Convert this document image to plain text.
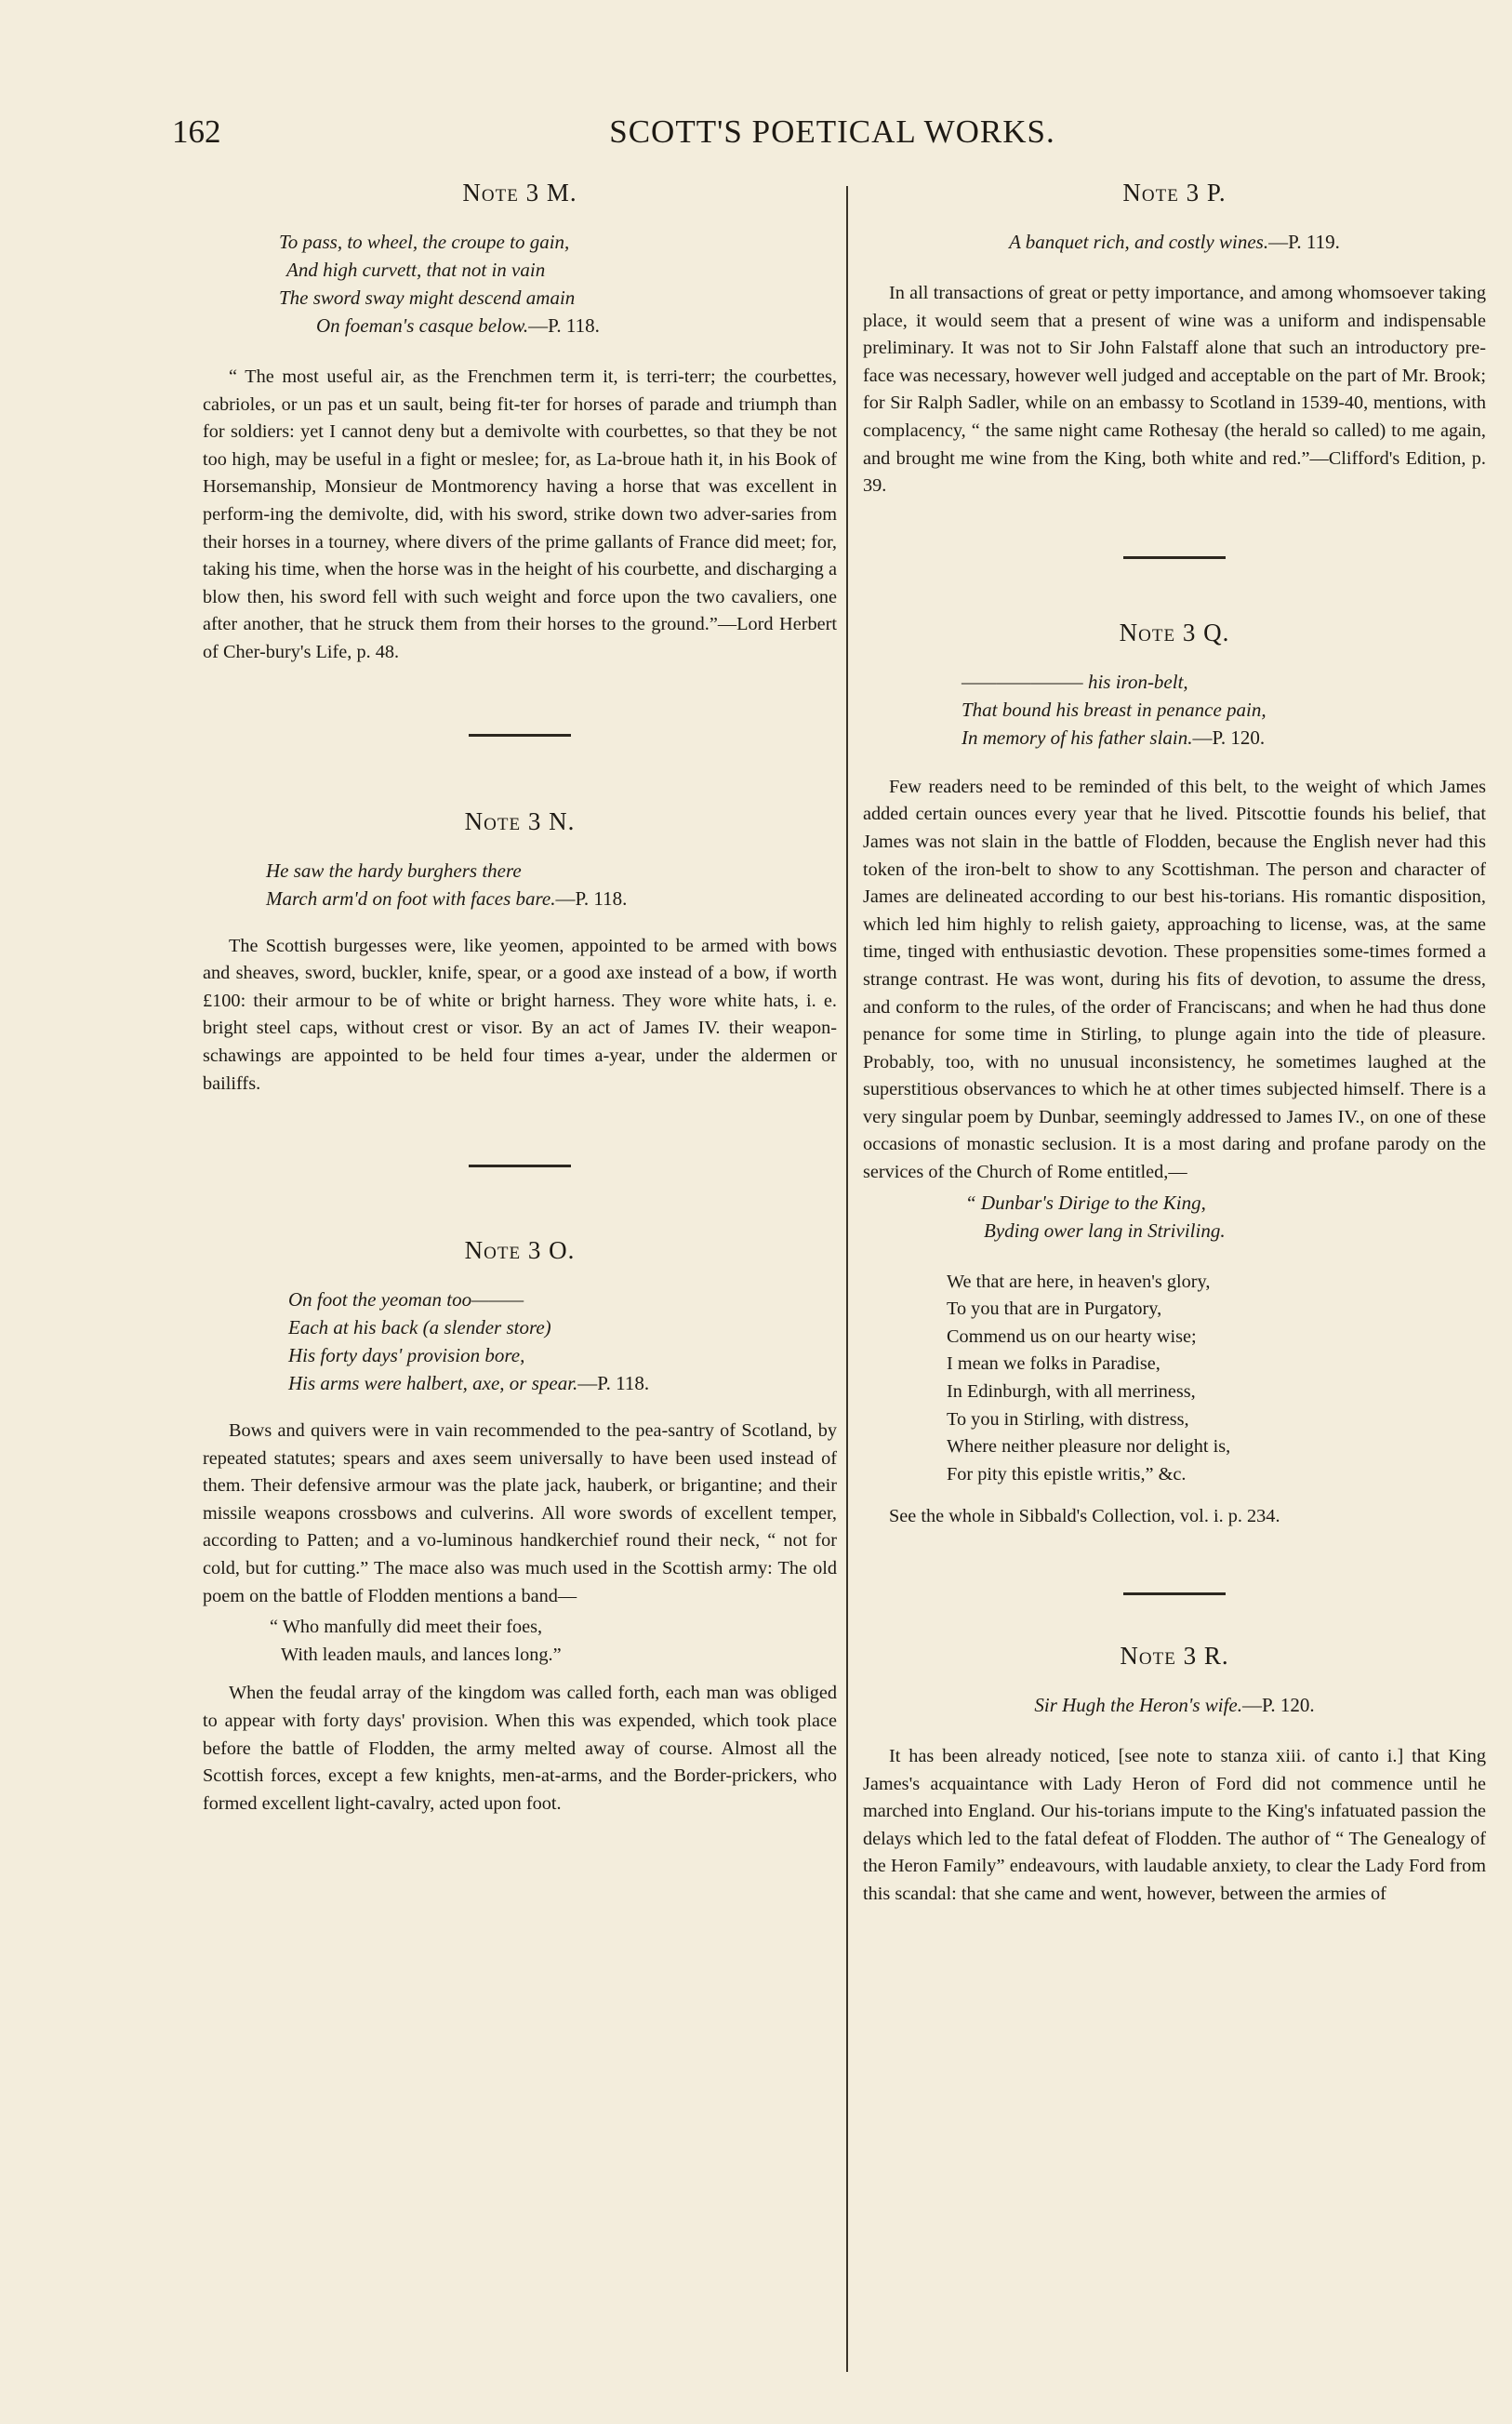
162	SCOTT'S POETICAL WORKS.
Note 3 M.
To pass, to wheel, the croupe to gain,
And high curvett, that not in vain
The sword sway might descend amain
On foeman's casque below.—P. 118.

“ The most useful air, as the Frenchmen term it, is terri-terr; the courbettes, cabrioles, or un pas et un sault, being fit-ter for horses of parade and triumph than for soldiers: yet I cannot deny but a demivolte with courbettes, so that they be not too high, may be useful in a fight or meslee; for, as La-broue hath it, in his Book of Horsemanship, Monsieur de Montmorency having a horse that was excellent in perform-ing the demivolte, did, with his sword, strike down two adver-saries from their horses in a tourney, where divers of the prime gallants of France did meet; for, taking his time, when the horse was in the height of his courbette, and discharging a blow then, his sword fell with such weight and force upon the two cavaliers, one after another, that he struck them from their horses to the ground.”—Lord Herbert of Cher-bury's Life, p. 48.

Note 3 N.
He saw the hardy burghers there
March arm'd on foot with faces bare.—P. 118.

The Scottish burgesses were, like yeomen, appointed to be armed with bows and sheaves, sword, buckler, knife, spear, or a good axe instead of a bow, if worth £100: their armour to be of white or bright harness. They wore white hats, i. e. bright steel caps, without crest or visor. By an act of James IV. their weapon-schawings are appointed to be held four times a-year, under the aldermen or bailiffs.

Note 3 O.
On foot the yeoman too———
Each at his back (a slender store)
His forty days' provision bore,
His arms were halbert, axe, or spear.—P. 118.

Bows and quivers were in vain recommended to the pea-santry of Scotland, by repeated statutes; spears and axes seem universally to have been used instead of them. Their defensive armour was the plate jack, hauberk, or brigantine; and their missile weapons crossbows and culverins. All wore swords of excellent temper, according to Patten; and a vo-luminous handkerchief round their neck, “ not for cold, but for cutting.” The mace also was much used in the Scottish army: The old poem on the battle of Flodden mentions a band—

“ Who manfully did meet their foes,
With leaden mauls, and lances long.”

When the feudal array of the kingdom was called forth, each man was obliged to appear with forty days' provision. When this was expended, which took place before the battle of Flodden, the army melted away of course. Almost all the Scottish forces, except a few knights, men-at-arms, and the Border-prickers, who formed excellent light-cavalry, acted upon foot.

Note 3 P.
A banquet rich, and costly wines.—P. 119.

In all transactions of great or petty importance, and among whomsoever taking place, it would seem that a present of wine was a uniform and indispensable preliminary. It was not to Sir John Falstaff alone that such an introductory pre-face was necessary, however well judged and acceptable on the part of Mr. Brook; for Sir Ralph Sadler, while on an embassy to Scotland in 1539-40, mentions, with complacency, “ the same night came Rothesay (the herald so called) to me again, and brought me wine from the King, both white and red.”—Clifford's Edition, p. 39.

Note 3 Q.
——————— his iron-belt,
That bound his breast in penance pain,
In memory of his father slain.—P. 120.

Few readers need to be reminded of this belt, to the weight of which James added certain ounces every year that he lived. Pitscottie founds his belief, that James was not slain in the battle of Flodden, because the English never had this token of the iron-belt to show to any Scottishman. The person and character of James are delineated according to our best his-torians. His romantic disposition, which led him highly to relish gaiety, approaching to license, was, at the same time, tinged with enthusiastic devotion. These propensities some-times formed a strange contrast. He was wont, during his fits of devotion, to assume the dress, and conform to the rules, of the order of Franciscans; and when he had thus done penance for some time in Stirling, to plunge again into the tide of pleasure. Probably, too, with no unusual inconsistency, he sometimes laughed at the superstitious observances to which he at other times subjected himself. There is a very singular poem by Dunbar, seemingly addressed to James IV., on one of these occasions of monastic seclusion. It is a most daring and profane parody on the services of the Church of Rome entitled,—

“ Dunbar's Dirige to the King,
Byding ower lang in Striviling.
We that are here, in heaven's glory,
To you that are in Purgatory,
Commend us on our hearty wise;
I mean we folks in Paradise,
In Edinburgh, with all merriness,
To you in Stirling, with distress,
Where neither pleasure nor delight is,
For pity this epistle writis,” &c.

See the whole in Sibbald's Collection, vol. i. p. 234.

Note 3 R.
Sir Hugh the Heron's wife.—P. 120.

It has been already noticed, [see note to stanza xiii. of canto i.] that King James's acquaintance with Lady Heron of Ford did not commence until he marched into England. Our his-torians impute to the King's infatuated passion the delays which led to the fatal defeat of Flodden. The author of “ The Genealogy of the Heron Family” endeavours, with laudable anxiety, to clear the Lady Ford from this scandal: that she came and went, however, between the armies of
